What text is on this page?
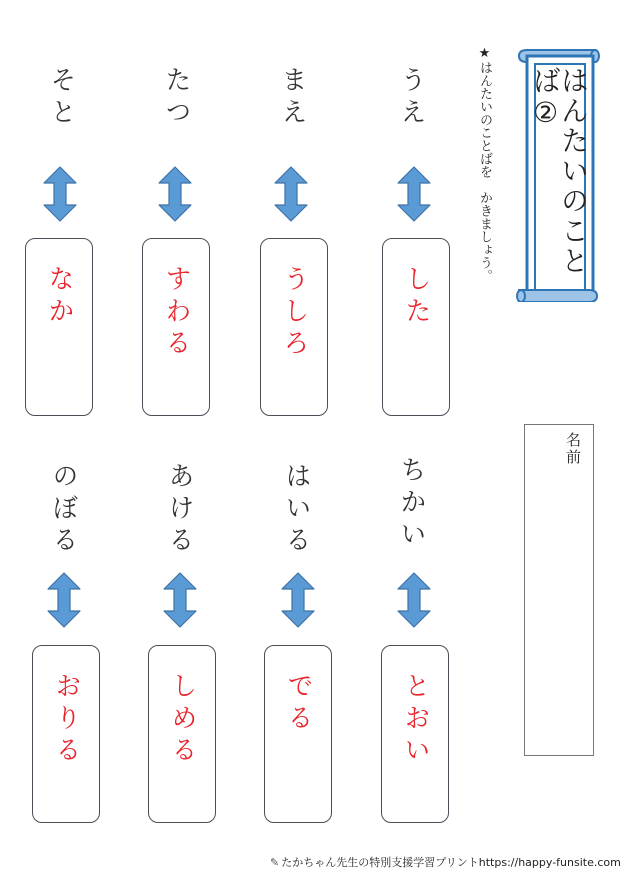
そと
なか
たつ
すわる
まえ
うしろ
うえ
した
のぼる
おりる
あける
しめる
はいる
でる
ちかい
とおい
★はんたいのことばを　かきましょう。	はんたいのことば②
名前
✎ たかちゃん先生の特別支援学習プリントhttps://happy-funsite.com
